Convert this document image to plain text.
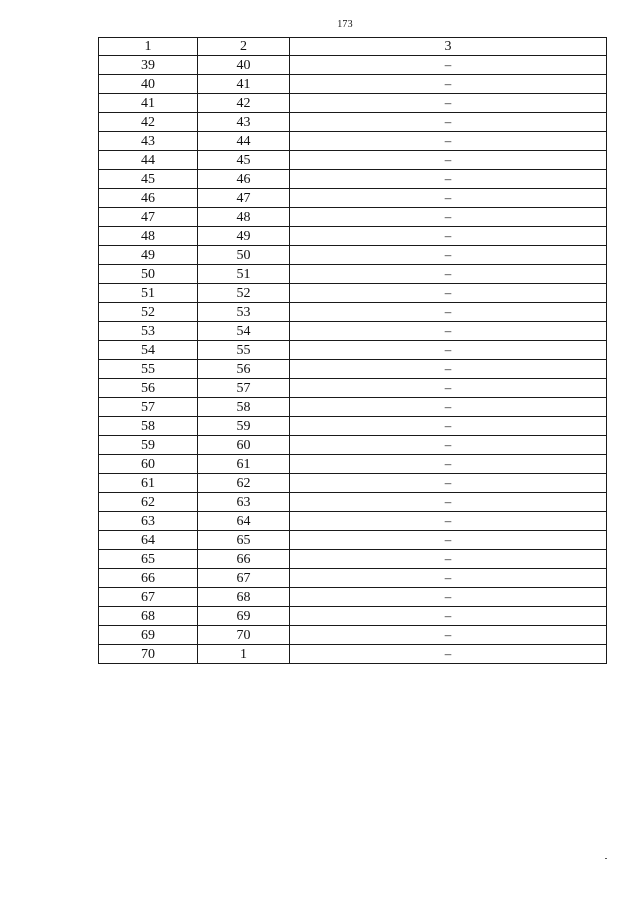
173
1	2	3
39	40	–
40	41	–
41	42	–
42	43	–
43	44	–
44	45	–
45	46	–
46	47	–
47	48	–
48	49	–
49	50	–
50	51	–
51	52	–
52	53	–
53	54	–
54	55	–
55	56	–
56	57	–
57	58	–
58	59	–
59	60	–
60	61	–
61	62	–
62	63	–
63	64	–
64	65	–
65	66	–
66	67	–
67	68	–
68	69	–
69	70	–
70	1	–
